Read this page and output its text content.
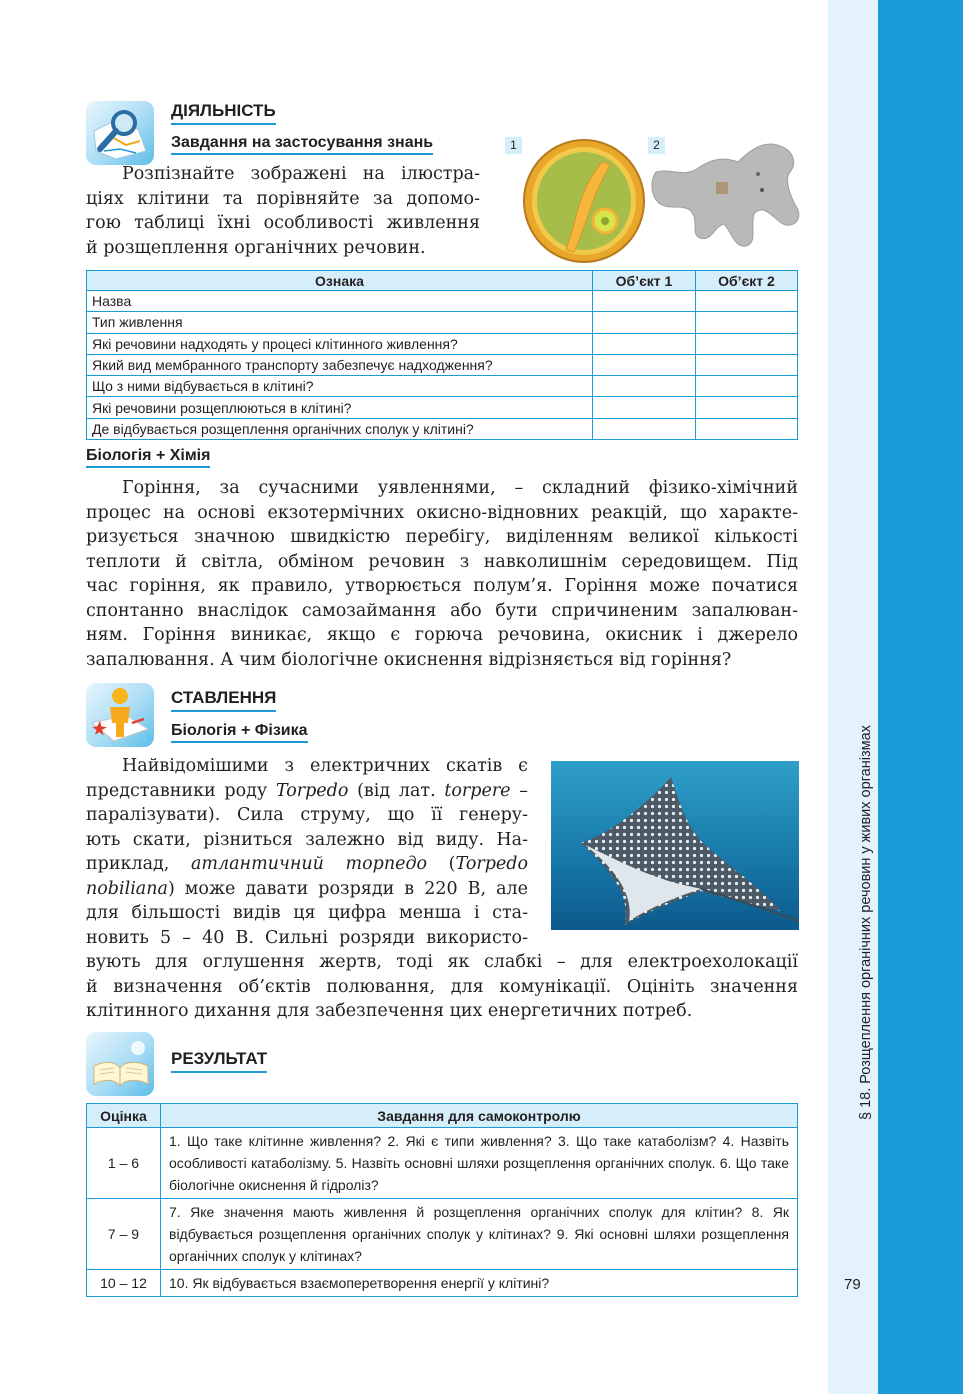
§ 18. Розщеплення органічних речовин у живих організмах
79
ДІЯЛЬНІСТЬ
Завдання на застосування знань
Розпізнайте зображені на ілюстра-
ціях клітини та порівняйте за допомо-
гою таблиці їхні особливості живлення
й розщеплення органічних речовин.
1	2
Ознака	Об’єкт 1	Об’єкт 2
Назва		
Тип живлення		
Які речовини надходять у процесі клітинного живлення?		
Який вид мембранного транспорту забезпечує надходження?		
Що з ними відбувається в клітині?		
Які речовини розщеплюються в клітині?		
Де відбувається розщеплення органічних сполук у клітині?		
Біологія + Хімія
Горіння, за сучасними уявленнями, – складний фізико-хімічний
процес на основі екзотермічних окисно-відновних реакцій, що характе-
ризується значною швидкістю перебігу, виділенням великої кількості
теплоти й світла, обміном речовин з навколишнім середовищем. Під
час горіння, як правило, утворюється полум’я. Горіння може початися
спонтанно внаслідок самозаймання або бути спричиненим запалюван-
ням. Горіння виникає, якщо є горюча речовина, окисник і джерело
запалювання. А чим біологічне окиснення відрізняється від горіння?
СТАВЛЕННЯ
Біологія + Фізика
Найвідомішими з електричних скатів є
представники роду Torpedo (від лат. torpere –
паралізувати). Сила струму, що її генеру-
ють скати, різниться залежно від виду. На-
приклад, атлантичний торпедо (Torpedo
nobiliana) може давати розряди в 220 В, але
для більшості видів ця цифра менша і ста-
новить 5 – 40 В. Сильні розряди використо-
вують для оглушення жертв, тоді як слабкі – для електроехолокації
й визначення об’єктів полювання, для комунікації. Оцініть значення
клітинного дихання для забезпечення цих енергетичних потреб.
РЕЗУЛЬТАТ
Оцінка	Завдання для самоконтролю
1 – 6	1. Що таке клітинне живлення? 2. Які є типи живлення? 3. Що таке катаболізм? 4. Назвіть особливості катаболізму. 5. Назвіть основні шляхи розщеплення органічних сполук. 6. Що таке біологічне окиснення й гідроліз?
7 – 9	7. Яке значення мають живлення й розщеплення органічних сполук для клітин? 8. Як відбувається розщеплення органічних сполук у клітинах? 9. Які основні шляхи розщеплення органічних сполук у клітинах?
10 – 12	10. Як відбувається взаємоперетворення енергії у клітині?
